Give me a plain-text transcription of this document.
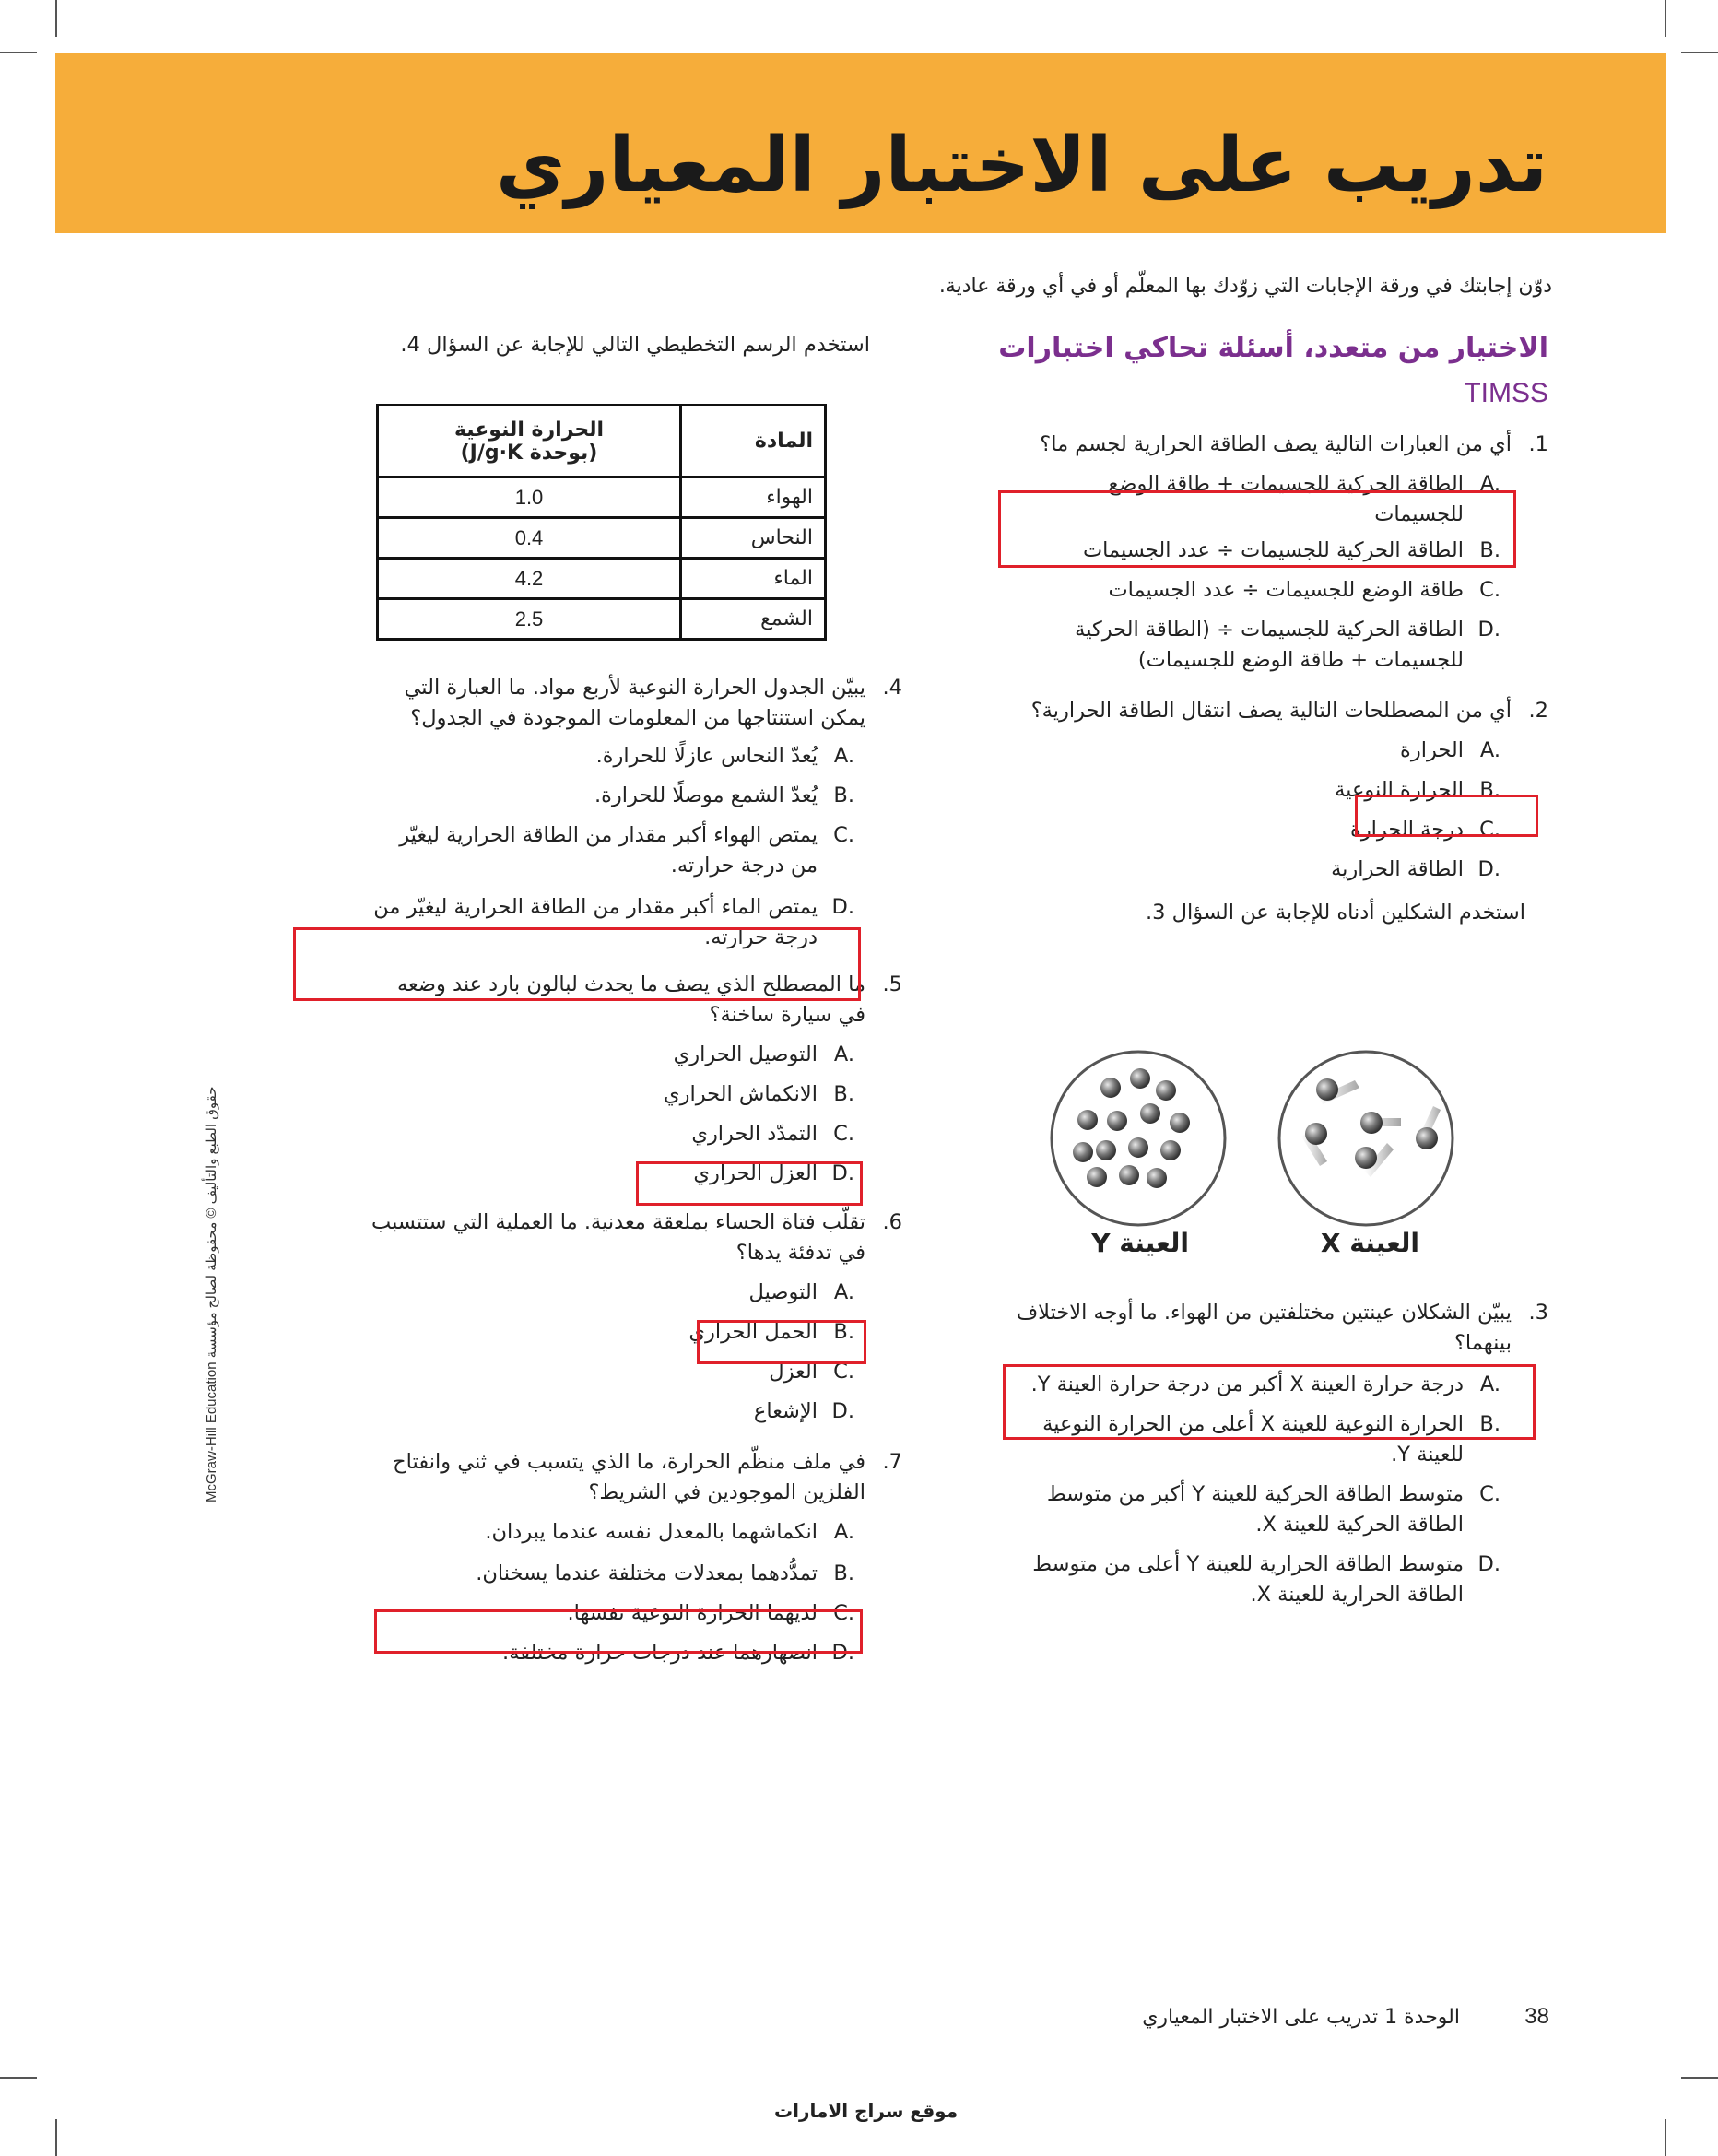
تدريب على الاختبار المعياري
دوّن إجابتك في ورقة الإجابات التي زوّدك بها المعلّم أو في أي ورقة عادية.
الاختيار من متعدد، أسئلة تحاكي اختبارات
TIMSS
1.
أي من العبارات التالية يصف الطاقة الحرارية لجسم ما؟
A.
الطاقة الحركية للجسيمات + طاقة الوضع للجسيمات
B.
الطاقة الحركية للجسيمات ÷ عدد الجسيمات
C.
طاقة الوضع للجسيمات ÷ عدد الجسيمات
D.
الطاقة الحركية للجسيمات ÷ (الطاقة الحركية للجسيمات + طاقة الوضع للجسيمات)
2.
أي من المصطلحات التالية يصف انتقال الطاقة الحرارية؟
A.
الحرارة
B.
الحرارة النوعية
C.
درجة الحرارة
D.
الطاقة الحرارية
استخدم الشكلين أدناه للإجابة عن السؤال 3.
العينة Y	العينة X
3.
يبيّن الشكلان عينتين مختلفتين من الهواء. ما أوجه الاختلاف بينهما؟
A.
درجة حرارة العينة X أكبر من درجة حرارة العينة Y.
B.
الحرارة النوعية للعينة X أعلى من الحرارة النوعية للعينة Y.
C.
متوسط الطاقة الحركية للعينة Y أكبر من متوسط الطاقة الحركية للعينة X.
D.
متوسط الطاقة الحرارية للعينة Y أعلى من متوسط الطاقة الحرارية للعينة X.
استخدم الرسم التخطيطي التالي للإجابة عن السؤال 4.
المادة	الحرارة النوعية
(بوحدة J/g·K)

الهواء	1.0
النحاس	0.4
الماء	4.2
الشمع	2.5
4.
يبيّن الجدول الحرارة النوعية لأربع مواد. ما العبارة التي يمكن استنتاجها من المعلومات الموجودة في الجدول؟
A.
يُعدّ النحاس عازلًا للحرارة.
B.
يُعدّ الشمع موصلًا للحرارة.
C.
يمتص الهواء أكبر مقدار من الطاقة الحرارية ليغيّر من درجة حرارته.
D.
يمتص الماء أكبر مقدار من الطاقة الحرارية ليغيّر من درجة حرارته.
5.
ما المصطلح الذي يصف ما يحدث لبالون بارد عند وضعه في سيارة ساخنة؟
A.
التوصيل الحراري
B.
الانكماش الحراري
C.
التمدّد الحراري
D.
العزل الحراري
6.
تقلّب فتاة الحساء بملعقة معدنية. ما العملية التي ستتسبب في تدفئة يدها؟
A.
التوصيل
B.
الحمل الحراري
C.
العزل
D.
الإشعاع
7.
في ملف منظّم الحرارة، ما الذي يتسبب في ثني وانفتاح الفلزين الموجودين في الشريط؟
A.
انكماشهما بالمعدل نفسه عندما يبردان.
B.
تمدُّدهما بمعدلات مختلفة عندما يسخنان.
C.
لديهما الحرارة النوعية نفسها.
D.
انصهارهما عند درجات حرارة مختلفة.
حقوق الطبع والتأليف © محفوظة لصالح مؤسسة McGraw-Hill Education
38
الوحدة 1 تدريب على الاختبار المعياري
موقع سراج الامارات
